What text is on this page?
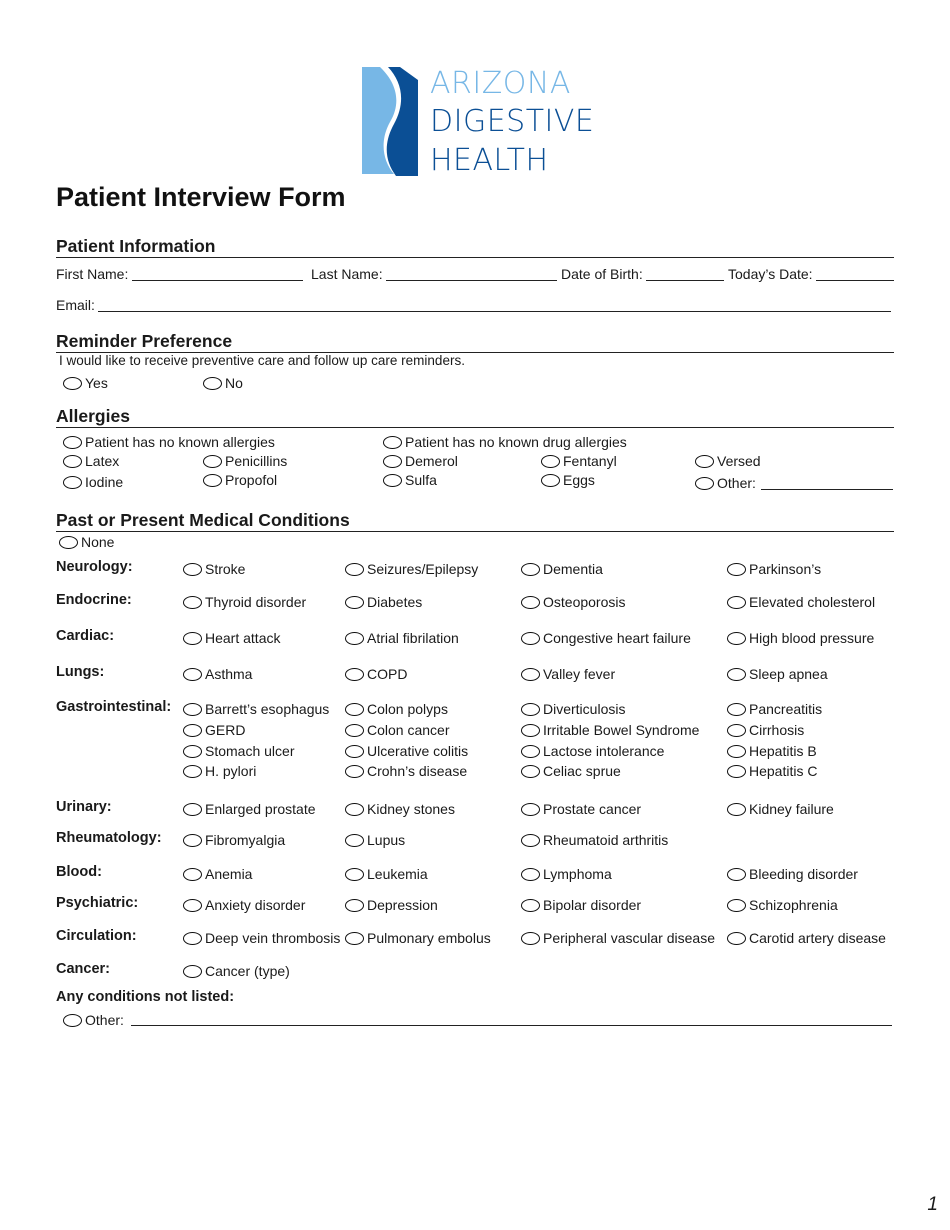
ARIZONA
DIGESTIVE
HEALTH
Patient Interview Form
Patient Information
First Name:	Last Name:	Date of Birth:	Today’s Date:
Email:
Reminder Preference
I would like to receive preventive care and follow up care reminders.
Yes	No
Allergies
Patient has no known allergies	Patient has no known drug allergies
Latex	Penicillins	Demerol	Fentanyl	Versed
Iodine	Propofol	Sulfa	Eggs	Other:
Past or Present Medical Conditions
None
Neurology:	Stroke	Seizures/Epilepsy	Dementia	Parkinson’s
Endocrine:	Thyroid disorder	Diabetes	Osteoporosis	Elevated cholesterol
Cardiac:	Heart attack	Atrial fibrilation	Congestive heart failure	High blood pressure
Lungs:	Asthma	COPD	Valley fever	Sleep apnea
Gastrointestinal:	Barrett’s esophagus	Colon polyps	Diverticulosis	Pancreatitis
GERD	Colon cancer	Irritable Bowel Syndrome	Cirrhosis
Stomach ulcer	Ulcerative colitis	Lactose intolerance	Hepatitis B
H. pylori	Crohn’s disease	Celiac sprue	Hepatitis C
Urinary:	Enlarged prostate	Kidney stones	Prostate cancer	Kidney failure
Rheumatology:	Fibromyalgia	Lupus	Rheumatoid arthritis
Blood:	Anemia	Leukemia	Lymphoma	Bleeding disorder
Psychiatric:	Anxiety disorder	Depression	Bipolar disorder	Schizophrenia
Circulation:	Deep vein thrombosis	Pulmonary embolus	Peripheral vascular disease	Carotid artery disease
Cancer:	Cancer (type)
Any conditions not listed:
Other:
1
